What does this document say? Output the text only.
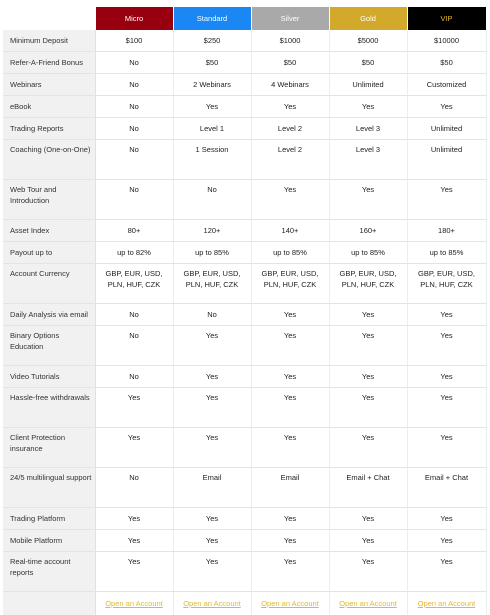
	Micro	Standard	Silver	Gold	VIP
Minimum Deposit	$100	$250	$1000	$5000	$10000
Refer-A-Friend Bonus	No	$50	$50	$50	$50
Webinars	No	2 Webinars	4 Webinars	Unlimited	Customized
eBook	No	Yes	Yes	Yes	Yes
Trading Reports	No	Level 1	Level 2	Level 3	Unlimited
Coaching (One-on-One)	No	1 Session	Level 2	Level 3	Unlimited
Web Tour and Introduction	No	No	Yes	Yes	Yes
Asset Index	80+	120+	140+	160+	180+
Payout up to	up to 82%	up to 85%	up to 85%	up to 85%	up to 85%
Account Currency	GBP, EUR, USD, PLN, HUF, CZK	GBP, EUR, USD, PLN, HUF, CZK	GBP, EUR, USD, PLN, HUF, CZK	GBP, EUR, USD, PLN, HUF, CZK	GBP, EUR, USD, PLN, HUF, CZK
Daily Analysis via email	No	No	Yes	Yes	Yes
Binary Options Education	No	Yes	Yes	Yes	Yes
Video Tutorials	No	Yes	Yes	Yes	Yes
Hassle-free withdrawals	Yes	Yes	Yes	Yes	Yes
Client Protection insurance	Yes	Yes	Yes	Yes	Yes
24/5 multilingual support	No	Email	Email	Email + Chat	Email + Chat
Trading Platform	Yes	Yes	Yes	Yes	Yes
Mobile Platform	Yes	Yes	Yes	Yes	Yes
Real-time account reports	Yes	Yes	Yes	Yes	Yes
	Open an Account	Open an Account	Open an Account	Open an Account	Open an Account
